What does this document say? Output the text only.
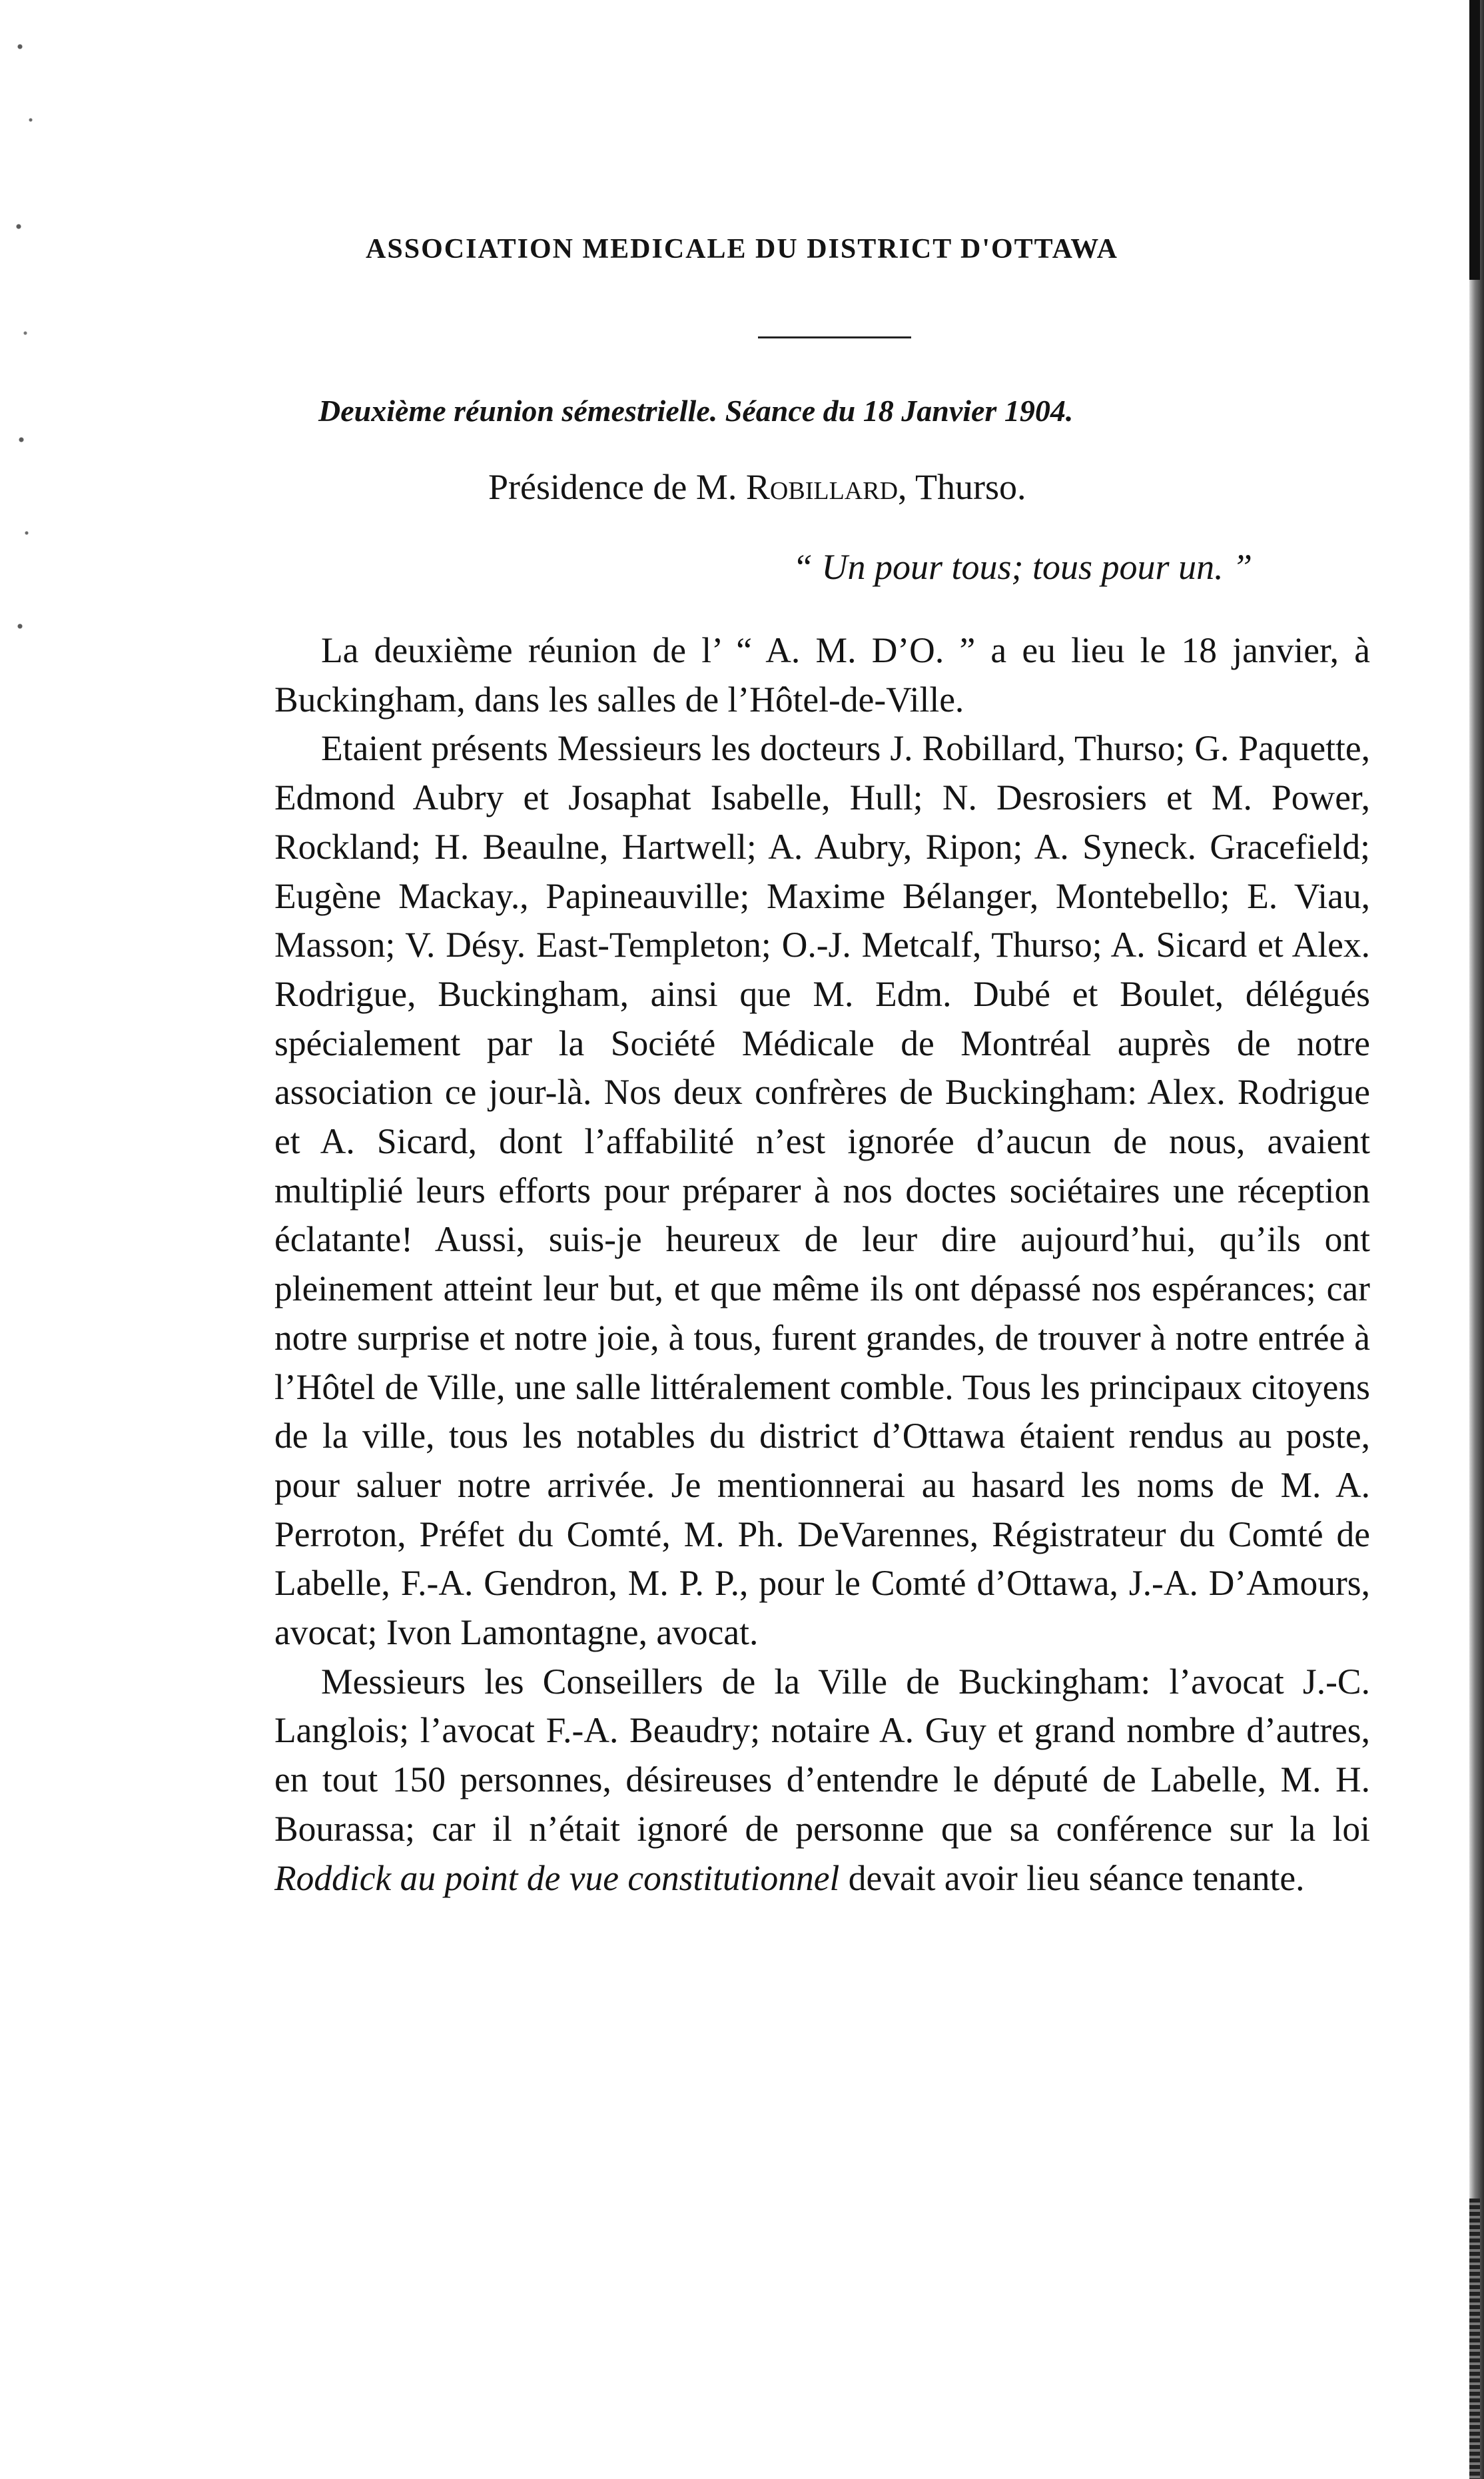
ASSOCIATION MEDICALE DU DISTRICT D'OTTAWA
Deuxième réunion sémestrielle. Séance du 18 Janvier 1904.
Présidence de M. Robillard, Thurso.
“ Un pour tous; tous pour un. ”

La deuxième réunion de l’ “ A. M. D’O. ” a eu lieu le 18 janvier, à Buckingham, dans les salles de l’Hôtel-de-Ville.

Etaient présents Messieurs les docteurs J. Robillard, Thurso; G. Paquette, Edmond Aubry et Josaphat Isabelle, Hull; N. Desrosiers et M. Power, Rockland; H. Beaulne, Hartwell; A. Aubry, Ripon; A. Syneck. Gracefield; Eugène Mackay., Papineauville; Maxime Bélanger, Montebello; E. Viau, Masson; V. Désy. East-Templeton; O.-J. Metcalf, Thurso; A. Sicard et Alex. Rodrigue, Buckingham, ainsi que M. Edm. Dubé et Boulet, délégués spécialement par la Société Médicale de Montréal auprès de notre association ce jour-là. Nos deux confrères de Buckingham: Alex. Rodrigue et A. Sicard, dont l’affabilité n’est ignorée d’aucun de nous, avaient multiplié leurs efforts pour préparer à nos doctes sociétaires une réception éclatante! Aussi, suis-je heureux de leur dire aujourd’hui, qu’ils ont pleinement atteint leur but, et que même ils ont dépassé nos espérances; car notre surprise et notre joie, à tous, furent grandes, de trouver à notre entrée à l’Hôtel de Ville, une salle littéralement comble. Tous les principaux citoyens de la ville, tous les notables du district d’Ottawa étaient rendus au poste, pour saluer notre arrivée. Je mentionnerai au hasard les noms de M. A. Perroton, Préfet du Comté, M. Ph. DeVarennes, Régistrateur du Comté de Labelle, F.-A. Gendron, M. P. P., pour le Comté d’Ottawa, J.-A. D’Amours, avocat; Ivon Lamontagne, avocat.

Messieurs les Conseillers de la Ville de Buckingham: l’avocat J.-C. Langlois; l’avocat F.-A. Beaudry; notaire A. Guy et grand nombre d’autres, en tout 150 personnes, désireuses d’entendre le député de Labelle, M. H. Bourassa; car il n’était ignoré de personne que sa conférence sur la loi Roddick au point de vue constitutionnel devait avoir lieu séance tenante.
